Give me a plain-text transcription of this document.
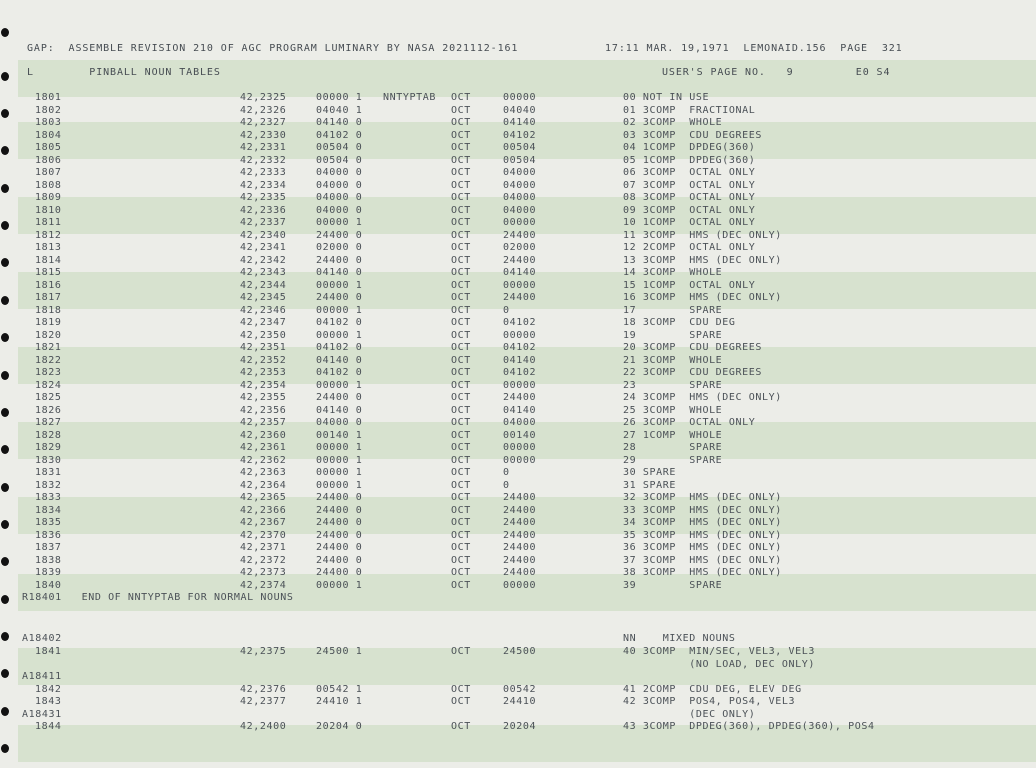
GAP:  ASSEMBLE REVISION 210 OF AGC PROGRAM LUMINARY BY NASA 2021112-161	17:11 MAR. 19,1971  LEMONAID.156  PAGE  321
L        PINBALL NOUN TABLES	USER'S PAGE NO.   9         E0 S4
1801	42,2325	00000 1 NNTYPTAB OCT	00000	00 NOT IN USE
1802	42,2326	04040 1	OCT	04040	01 3COMP  FRACTIONAL
1803	42,2327	04140 0	OCT	04140	02 3COMP  WHOLE
1804	42,2330	04102 0	OCT	04102	03 3COMP  CDU DEGREES
1805	42,2331	00504 0	OCT	00504	04 1COMP  DPDEG(360)
1806	42,2332	00504 0	OCT	00504	05 1COMP  DPDEG(360)
1807	42,2333	04000 0	OCT	04000	06 3COMP  OCTAL ONLY
1808	42,2334	04000 0	OCT	04000	07 3COMP  OCTAL ONLY
1809	42,2335	04000 0	OCT	04000	08 3COMP  OCTAL ONLY
1810	42,2336	04000 0	OCT	04000	09 3COMP  OCTAL ONLY
1811	42,2337	00000 1	OCT	00000	10 1COMP  OCTAL ONLY
1812	42,2340	24400 0	OCT	24400	11 3COMP  HMS (DEC ONLY)
1813	42,2341	02000 0	OCT	02000	12 2COMP  OCTAL ONLY
1814	42,2342	24400 0	OCT	24400	13 3COMP  HMS (DEC ONLY)
1815	42,2343	04140 0	OCT	04140	14 3COMP  WHOLE
1816	42,2344	00000 1	OCT	00000	15 1COMP  OCTAL ONLY
1817	42,2345	24400 0	OCT	24400	16 3COMP  HMS (DEC ONLY)
1818	42,2346	00000 1	OCT	0	17        SPARE
1819	42,2347	04102 0	OCT	04102	18 3COMP  CDU DEG
1820	42,2350	00000 1	OCT	00000	19        SPARE
1821	42,2351	04102 0	OCT	04102	20 3COMP  CDU DEGREES
1822	42,2352	04140 0	OCT	04140	21 3COMP  WHOLE
1823	42,2353	04102 0	OCT	04102	22 3COMP  CDU DEGREES
1824	42,2354	00000 1	OCT	00000	23        SPARE
1825	42,2355	24400 0	OCT	24400	24 3COMP  HMS (DEC ONLY)
1826	42,2356	04140 0	OCT	04140	25 3COMP  WHOLE
1827	42,2357	04000 0	OCT	04000	26 3COMP  OCTAL ONLY
1828	42,2360	00140 1	OCT	00140	27 1COMP  WHOLE
1829	42,2361	00000 1	OCT	00000	28        SPARE
1830	42,2362	00000 1	OCT	00000	29        SPARE
1831	42,2363	00000 1	OCT	0	30 SPARE
1832	42,2364	00000 1	OCT	0	31 SPARE
1833	42,2365	24400 0	OCT	24400	32 3COMP  HMS (DEC ONLY)
1834	42,2366	24400 0	OCT	24400	33 3COMP  HMS (DEC ONLY)
1835	42,2367	24400 0	OCT	24400	34 3COMP  HMS (DEC ONLY)
1836	42,2370	24400 0	OCT	24400	35 3COMP  HMS (DEC ONLY)
1837	42,2371	24400 0	OCT	24400	36 3COMP  HMS (DEC ONLY)
1838	42,2372	24400 0	OCT	24400	37 3COMP  HMS (DEC ONLY)
1839	42,2373	24400 0	OCT	24400	38 3COMP  HMS (DEC ONLY)
1840	42,2374	00000 1	OCT	00000	39        SPARE
R18401   END OF NNTYPTAB FOR NORMAL NOUNS
A18402	NN    MIXED NOUNS
1841	42,2375	24500 1	OCT	24500	40 3COMP  MIN/SEC, VEL3, VEL3
(NO LOAD, DEC ONLY)
A18411
1842	42,2376	00542 1	OCT	00542	41 2COMP  CDU DEG, ELEV DEG
1843	42,2377	24410 1	OCT	24410	42 3COMP  POS4, POS4, VEL3
A18431	(DEC ONLY)
1844	42,2400	20204 0	OCT	20204	43 3COMP  DPDEG(360), DPDEG(360), POS4
